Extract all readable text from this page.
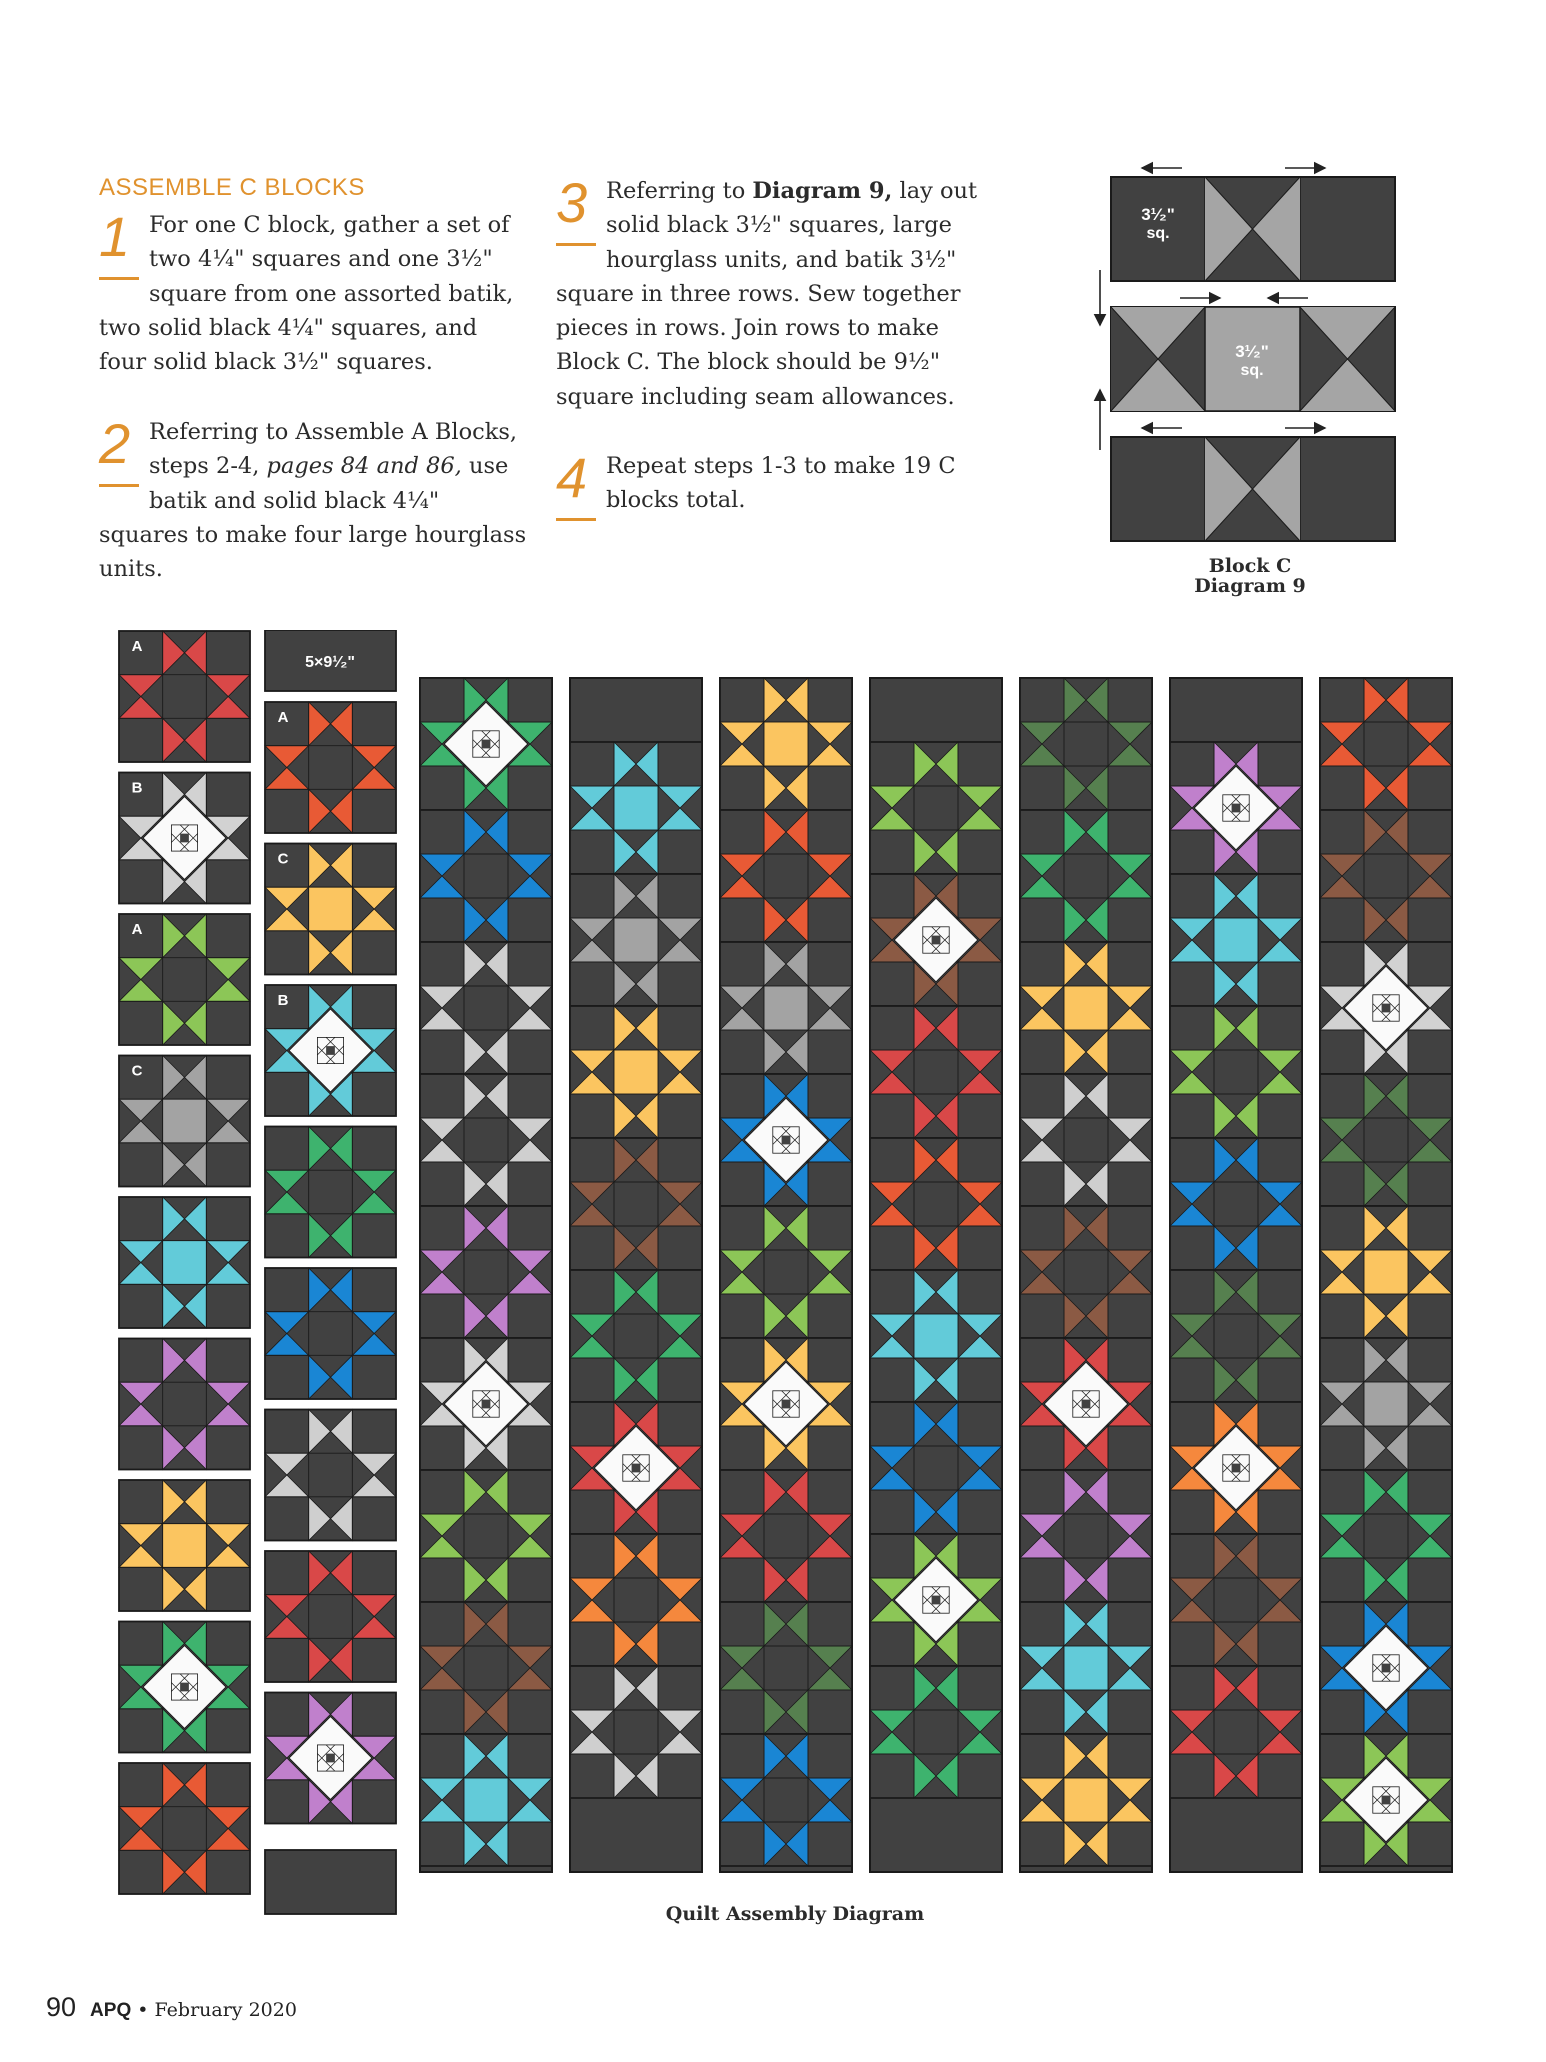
ASSEMBLE C BLOCKS
1 For one C block, gather a set of two 4¹⁄₄" squares and one 3¹⁄₂" square from one assorted batik, two solid black 4¹⁄₄" squares, and four solid black 3¹⁄₂" squares.
2 Referring to Assemble A Blocks, steps 2-4, pages 84 and 86, use batik and solid black 4¹⁄₄" squares to make four large hourglass units.
3 Referring to Diagram 9, lay out solid black 3¹⁄₂" squares, large hourglass units, and batik 3¹⁄₂" square in three rows. Sew together pieces in rows. Join rows to make Block C. The block should be 9¹⁄₂" square including seam allowances.
4 Repeat steps 1-3 to make 19 C blocks total.
3¹⁄₂"
sq.
3¹⁄₂"
sq.
Block C
Diagram 9
A
B
A
C
5×9¹⁄₂"
A
C
B
Quilt Assembly Diagram
90 APQ • February 2020
